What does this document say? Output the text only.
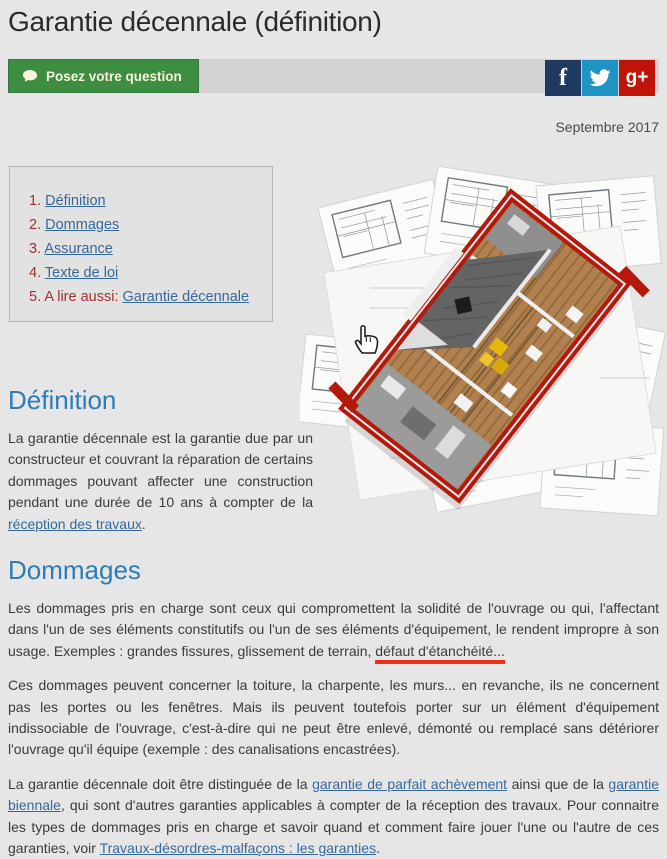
Garantie décennale (définition)
Posez votre question	f	g+
Septembre 2017
1. Définition
2. Dommages
3. Assurance
4. Texte de loi
5. A lire aussi: Garantie décennale
Définition

La garantie décennale est la garantie due par un constructeur et couvrant la réparation de certains dommages pouvant affecter une construction pendant une durée de 10 ans à compter de la réception des travaux.

Dommages

Les dommages pris en charge sont ceux qui compromettent la solidité de l'ouvrage ou qui, l'affectant dans l'un de ses éléments constitutifs ou l'un de ses éléments d'équipement, le rendent impropre à son usage. Exemples : grandes fissures, glissement de terrain, défaut d'étanchéité...

Ces dommages peuvent concerner la toiture, la charpente, les murs... en revanche, ils ne concernent pas les portes ou les fenêtres. Mais ils peuvent toutefois porter sur un élément d'équipement indissociable de l'ouvrage, c'est-à-dire qui ne peut être enlevé, démonté ou remplacé sans détériorer l'ouvrage qu'il équipe (exemple : des canalisations encastrées).

La garantie décennale doit être distinguée de la garantie de parfait achèvement ainsi que de la garantie biennale, qui sont d'autres garanties applicables à compter de la réception des travaux. Pour connaitre les types de dommages pris en charge et savoir quand et comment faire jouer l'une ou l'autre de ces garanties, voir Travaux-désordres-malfaçons : les garanties.
